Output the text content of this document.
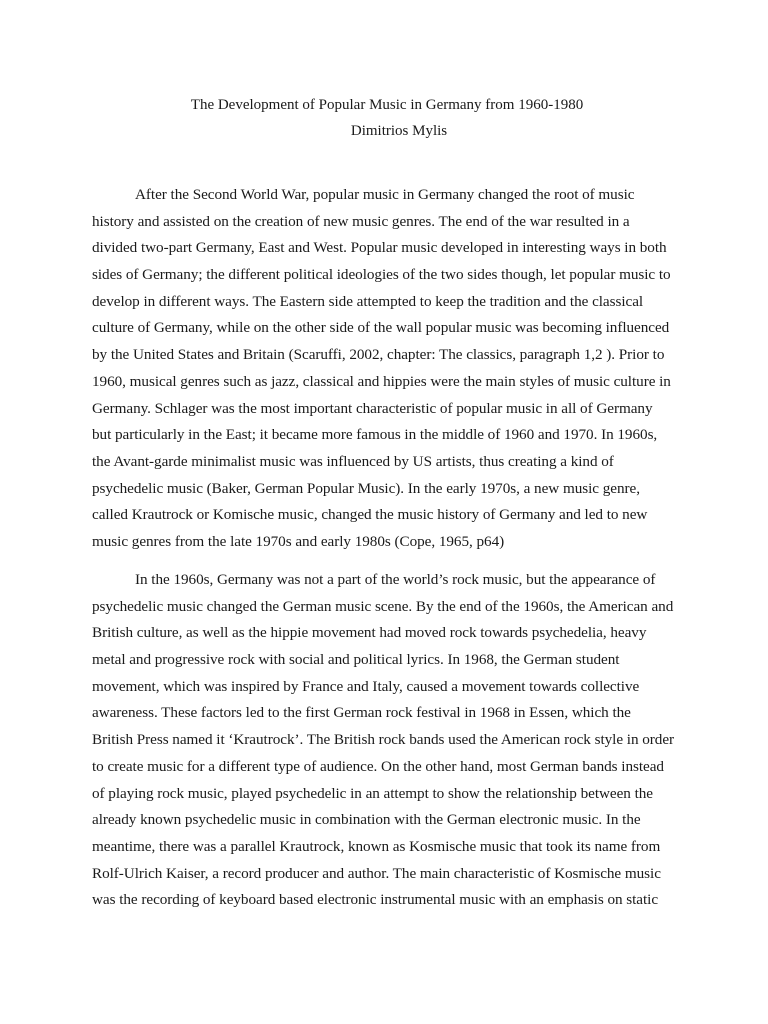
The Development of Popular Music in Germany from 1960-1980
Dimitrios Mylis
After the Second World War, popular music in Germany changed the root of music
history and assisted on the creation of new music genres. The end of the war resulted in a
divided two-part Germany, East and West. Popular music developed in interesting ways in both
sides of Germany; the different political ideologies of the two sides though, let popular music to
develop in different ways. The Eastern side attempted to keep the tradition and the classical
culture of Germany, while on the other side of the wall popular music was becoming influenced
by the United States and Britain (Scaruffi, 2002, chapter: The classics, paragraph 1,2 ). Prior to
1960, musical genres such as jazz, classical and hippies were the main styles of music culture in
Germany. Schlager was the most important characteristic of popular music in all of Germany
but particularly in the East; it became more famous in the middle of 1960 and 1970. In 1960s,
the Avant-garde minimalist music was influenced by US artists, thus creating a kind of
psychedelic music (Baker, German Popular Music). In the early 1970s, a new music genre,
called Krautrock or Komische music, changed the music history of Germany and led to new
music genres from the late 1970s and early 1980s (Cope, 1965, p64)
In the 1960s, Germany was not a part of the world’s rock music, but the appearance of
psychedelic music changed the German music scene. By the end of the 1960s, the American and
British culture, as well as the hippie movement had moved rock towards psychedelia, heavy
metal and progressive rock with social and political lyrics. In 1968, the German student
movement, which was inspired by France and Italy, caused a movement towards collective
awareness. These factors led to the first German rock festival in 1968 in Essen, which the
British Press named it ‘Krautrock’. The British rock bands used the American rock style in order
to create music for a different type of audience. On the other hand, most German bands instead
of playing rock music, played psychedelic in an attempt to show the relationship between the
already known psychedelic music in combination with the German electronic music. In the
meantime, there was a parallel Krautrock, known as Kosmische music that took its name from
Rolf-Ulrich Kaiser, a record producer and author. The main characteristic of Kosmische music
was the recording of keyboard based electronic instrumental music with an emphasis on static
